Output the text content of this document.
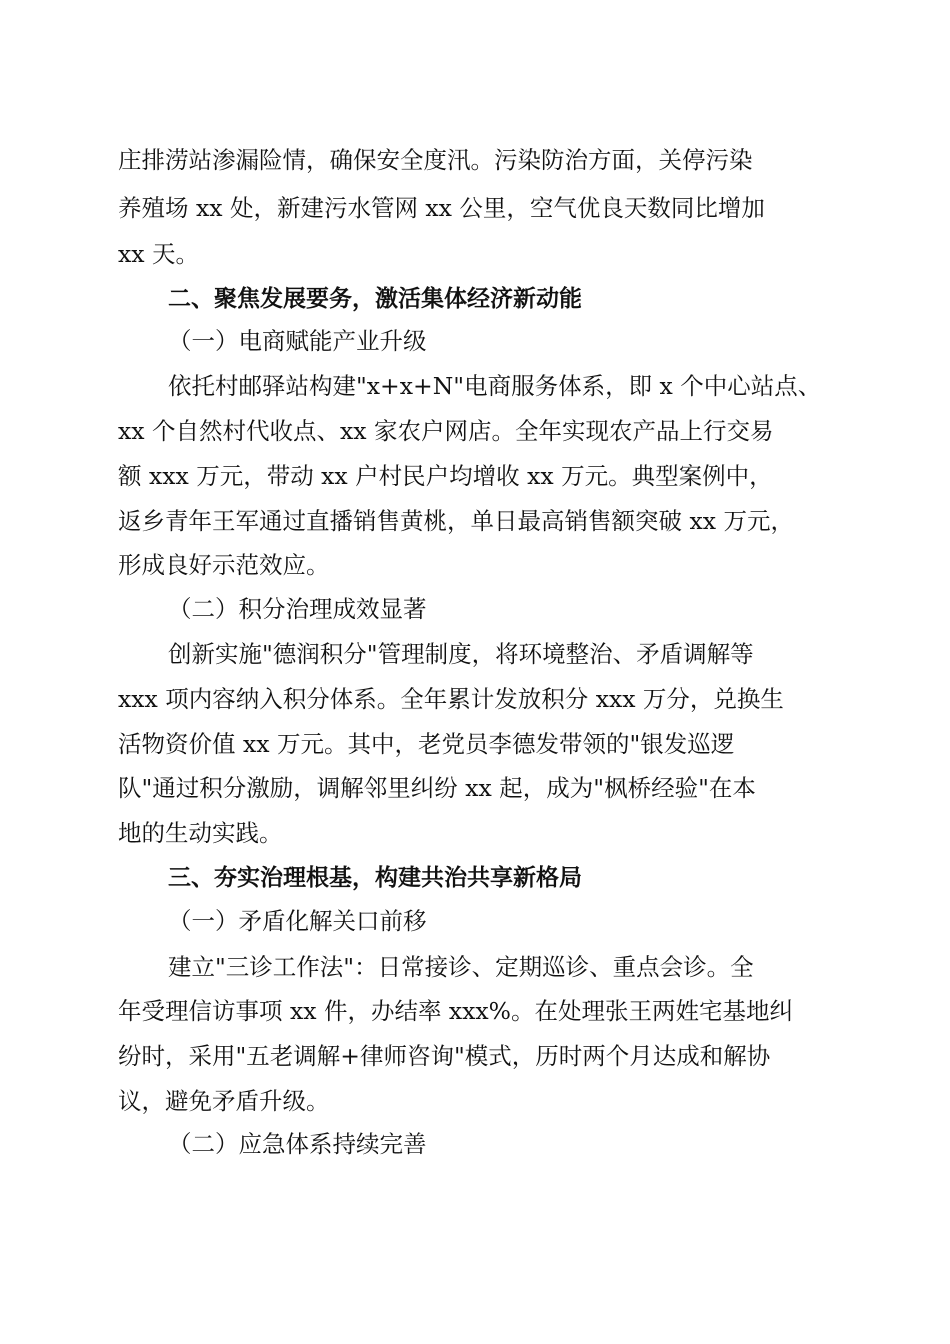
庄排涝站渗漏险情，确保安全度汛。污染防治方面，关停污染
养殖场 xx 处，新建污水管网 xx 公里，空气优良天数同比增加
xx 天。
二、聚焦发展要务，激活集体经济新动能
（一）电商赋能产业升级
依托村邮驿站构建"x+x+N"电商服务体系，即 x 个中心站点、
xx 个自然村代收点、xx 家农户网店。全年实现农产品上行交易
额 xxx 万元，带动 xx 户村民户均增收 xx 万元。典型案例中，
返乡青年王军通过直播销售黄桃，单日最高销售额突破 xx 万元，
形成良好示范效应。
（二）积分治理成效显著
创新实施"德润积分"管理制度，将环境整治、矛盾调解等
xxx 项内容纳入积分体系。全年累计发放积分 xxx 万分，兑换生
活物资价值 xx 万元。其中，老党员李德发带领的"银发巡逻
队"通过积分激励，调解邻里纠纷 xx 起，成为"枫桥经验"在本
地的生动实践。
三、夯实治理根基，构建共治共享新格局
（一）矛盾化解关口前移
建立"三诊工作法"：日常接诊、定期巡诊、重点会诊。全
年受理信访事项 xx 件，办结率 xxx%。在处理张王两姓宅基地纠
纷时，采用"五老调解+律师咨询"模式，历时两个月达成和解协
议，避免矛盾升级。
（二）应急体系持续完善
